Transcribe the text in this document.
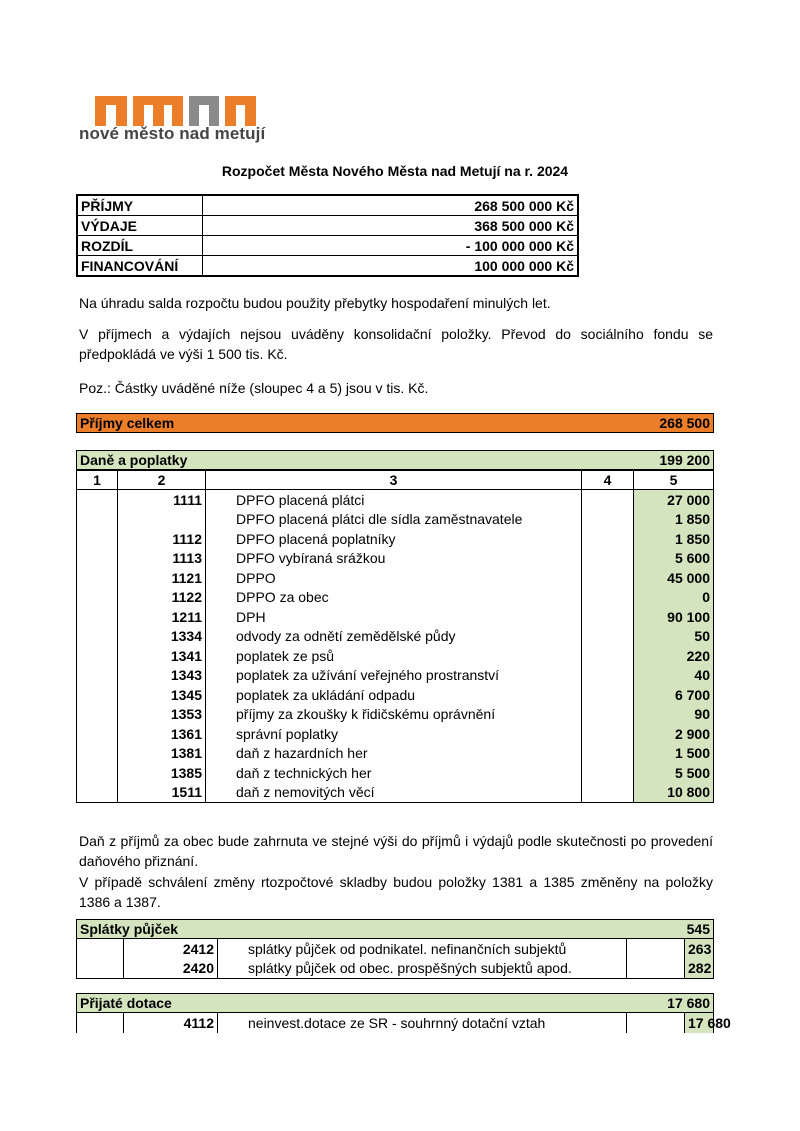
nové město nad metují
Rozpočet Města Nového Města nad Metují na r. 2024
PŘÍJMY	268 500 000 Kč
VÝDAJE	368 500 000 Kč
ROZDÍL	- 100 000 000 Kč
FINANCOVÁNÍ	100 000 000 Kč
Na úhradu salda rozpočtu budou použity přebytky hospodaření minulých let.
V příjmech a výdajích nejsou uváděny konsolidační položky. Převod do sociálního fondu se předpokládá ve výši 1 500 tis. Kč.
Poz.: Částky uváděné níže (sloupec 4 a 5) jsou v tis. Kč.
Příjmy celkem	268 500
Daně a poplatky	199 200
1	2	3	4	5
	1111	DPFO placená plátci		27 000
		DPFO placená plátci dle sídla zaměstnavatele		1 850
	1112	DPFO placená poplatníky		1 850
	1113	DPFO vybíraná srážkou		5 600
	1121	DPPO		45 000
	1122	DPPO za obec		0
	1211	DPH		90 100
	1334	odvody za odnětí zemědělské půdy		50
	1341	poplatek ze psů		220
	1343	poplatek za užívání veřejného prostranství		40
	1345	poplatek za ukládání odpadu		6 700
	1353	příjmy za zkoušky k řidičskému oprávnění		90
	1361	správní poplatky		2 900
	1381	daň z hazardních her		1 500
	1385	daň z technických her		5 500
	1511	daň z nemovitých věcí		10 800
Daň z příjmů za obec bude zahrnuta ve stejné výši do příjmů i výdajů podle skutečnosti po provedení daňového přiznání.
V případě schválení změny rtozpočtové skladby budou položky 1381 a 1385 změněny na položky 1386 a 1387.
Splátky půjček	545
	2412	splátky půjček od podnikatel. nefinančních subjektů		263
	2420	splátky půjček od obec. prospěšných subjektů apod.		282
Přijaté dotace	17 680
	4112	neinvest.dotace ze SR - souhrnný dotační vztah		17 680
